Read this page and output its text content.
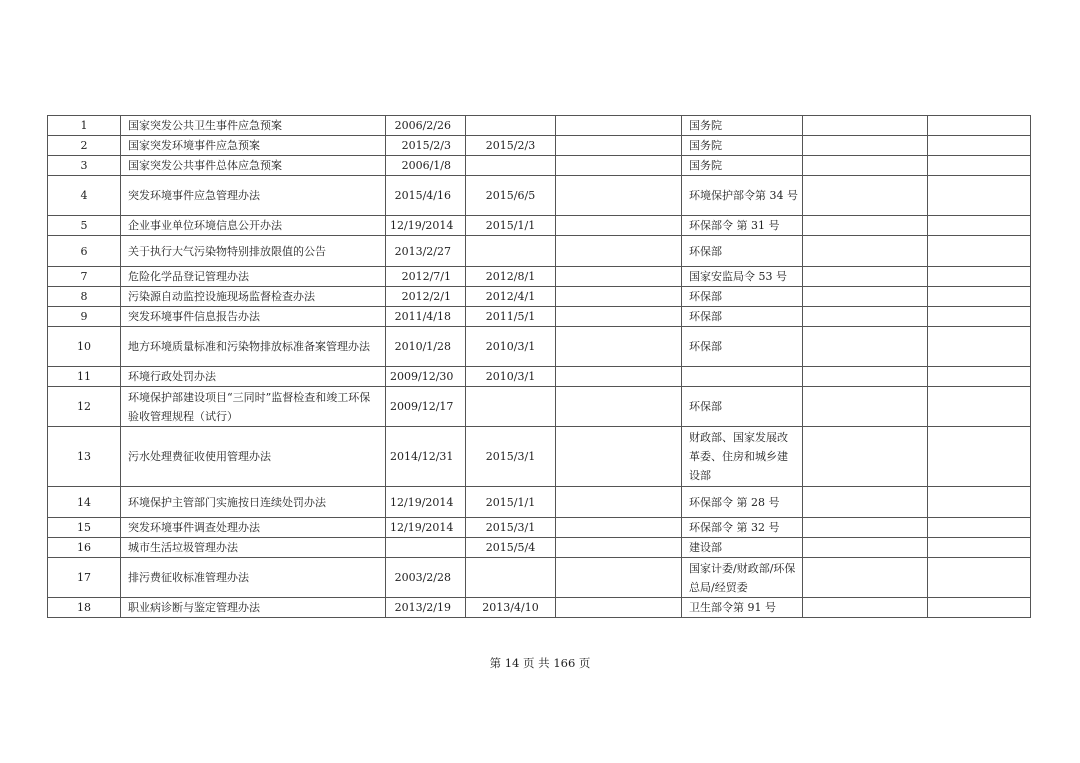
1	国家突发公共卫生事件应急预案	2006/2/26			国务院		
2	国家突发环境事件应急预案	2015/2/3	2015/2/3		国务院		
3	国家突发公共事件总体应急预案	2006/1/8			国务院		
4	突发环境事件应急管理办法	2015/4/16	2015/6/5		环境保护部令第 34 号		
5	企业事业单位环境信息公开办法	12/19/2014	2015/1/1		环保部令 第 31 号		
6	关于执行大气污染物特别排放限值的公告	2013/2/27			环保部		
7	危险化学品登记管理办法	2012/7/1	2012/8/1		国家安监局令 53 号		
8	污染源自动监控设施现场监督检查办法	2012/2/1	2012/4/1		环保部		
9	突发环境事件信息报告办法	2011/4/18	2011/5/1		环保部		
10	地方环境质量标准和污染物排放标准备案管理办法	2010/1/28	2010/3/1		环保部		
11	环境行政处罚办法	2009/12/30	2010/3/1				
12	环境保护部建设项目“三同时”监督检查和竣工环保验收管理规程（试行）	2009/12/17			环保部		
13	污水处理费征收使用管理办法	2014/12/31	2015/3/1		财政部、国家发展改革委、住房和城乡建设部		
14	环境保护主管部门实施按日连续处罚办法	12/19/2014	2015/1/1		环保部令 第 28 号		
15	突发环境事件调查处理办法	12/19/2014	2015/3/1		环保部令 第 32 号		
16	城市生活垃圾管理办法		2015/5/4		建设部		
17	排污费征收标准管理办法	2003/2/28			国家计委/财政部/环保总局/经贸委		
18	职业病诊断与鉴定管理办法	2013/2/19	2013/4/10		卫生部令第 91 号		
第 14 页 共 166 页
